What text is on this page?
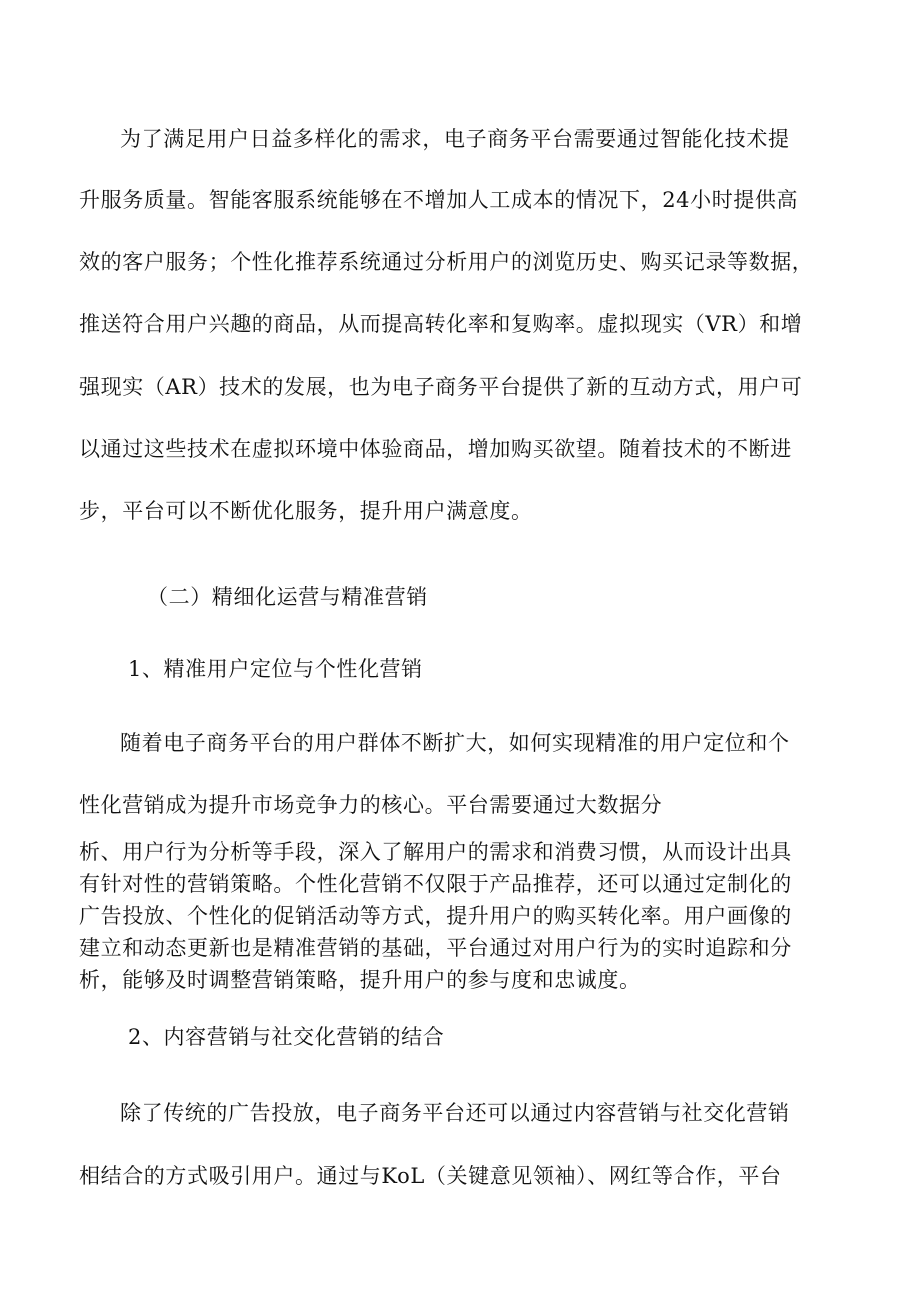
为了满足用户日益多样化的需求，电子商务平台需要通过智能化技术提
升服务质量。智能客服系统能够在不增加人工成本的情况下，24小时提供高
效的客户服务；个性化推荐系统通过分析用户的浏览历史、购买记录等数据，
推送符合用户兴趣的商品，从而提高转化率和复购率。虚拟现实（VR）和增
强现实（AR）技术的发展，也为电子商务平台提供了新的互动方式，用户可
以通过这些技术在虚拟环境中体验商品，增加购买欲望。随着技术的不断进
步，平台可以不断优化服务，提升用户满意度。
（二）精细化运营与精准营销
1、精准用户定位与个性化营销
随着电子商务平台的用户群体不断扩大，如何实现精准的用户定位和个
性化营销成为提升市场竞争力的核心。平台需要通过大数据分
析、用户行为分析等手段，深入了解用户的需求和消费习惯，从而设计出具
有针对性的营销策略。个性化营销不仅限于产品推荐，还可以通过定制化的
广告投放、个性化的促销活动等方式，提升用户的购买转化率。用户画像的
建立和动态更新也是精准营销的基础，平台通过对用户行为的实时追踪和分
析，能够及时调整营销策略，提升用户的参与度和忠诚度。
2、内容营销与社交化营销的结合
除了传统的广告投放，电子商务平台还可以通过内容营销与社交化营销
相结合的方式吸引用户。通过与KoL（关键意见领袖）、网红等合作，平台
